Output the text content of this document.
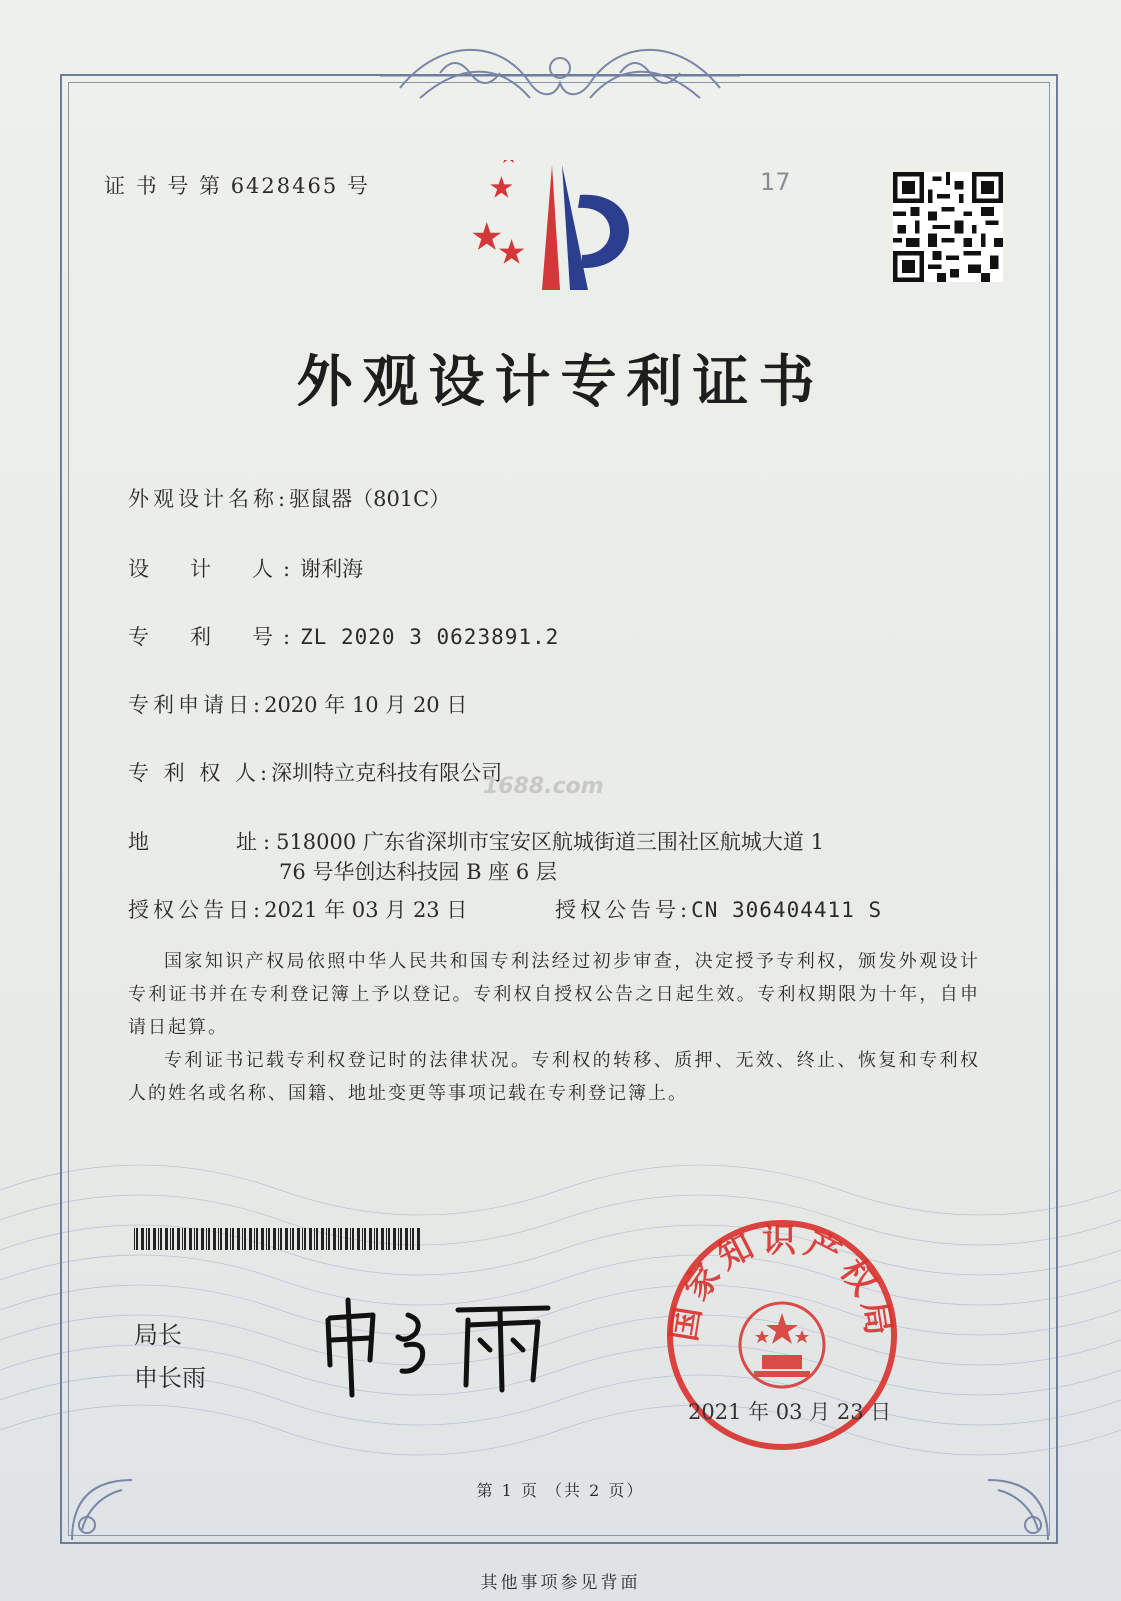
证 书 号 第 6428465 号	17
外观设计专利证书
外观设计名称:驱鼠器（801C）
设　计　人:谢利海
专　利　号:ZL 2020 3 0623891.2
专利申请日:2020 年 10 月 20 日
专 利 权 人:深圳特立克科技有限公司
1688.com
地　　　址:518000 广东省深圳市宝安区航城街道三围社区航城大道 1
76 号华创达科技园 B 座 6 层
授权公告日:2021 年 03 月 23 日	授权公告号:CN 306404411 S
国家知识产权局依照中华人民共和国专利法经过初步审查，决定授予专利权，颁发外观设计专利证书并在专利登记簿上予以登记。专利权自授权公告之日起生效。专利权期限为十年，自申请日起算。
专利证书记载专利权登记时的法律状况。专利权的转移、质押、无效、终止、恢复和专利权人的姓名或名称、国籍、地址变更等事项记载在专利登记簿上。
局长
申长雨
国家知识产权局
2021 年 03 月 23 日
第 1 页 （共 2 页）
其他事项参见背面
